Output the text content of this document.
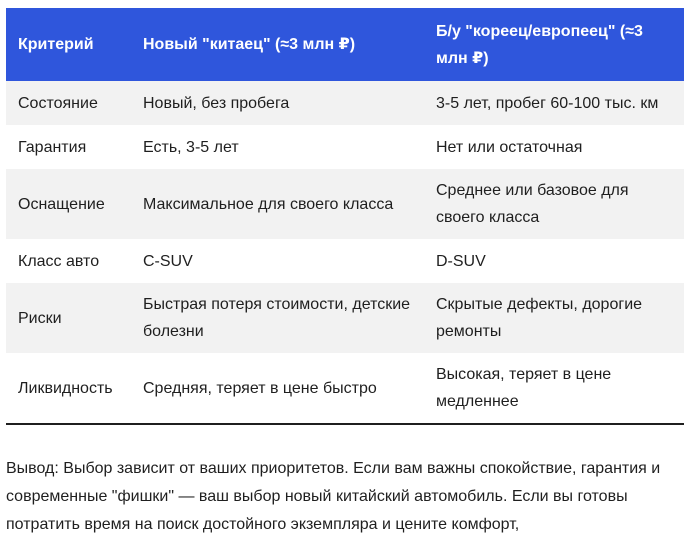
Критерий	Новый "китаец" (≈3 млн ₽)	Б/у "кореец/европеец" (≈3 млн ₽)
Состояние	Новый, без пробега	3-5 лет, пробег 60-100 тыс. км
Гарантия	Есть, 3-5 лет	Нет или остаточная
Оснащение	Максимальное для своего класса	Среднее или базовое для своего класса
Класс авто	C-SUV	D-SUV
Риски	Быстрая потеря стоимости, детские болезни	Скрытые дефекты, дорогие ремонты
Ликвидность	Средняя, теряет в цене быстро	Высокая, теряет в цене медленнее

Вывод: Выбор зависит от ваших приоритетов. Если вам важны спокойствие, гарантия и современные "фишки" — ваш выбор новый китайский автомобиль. Если вы готовы потратить время на поиск достойного экземпляра и цените комфорт,
